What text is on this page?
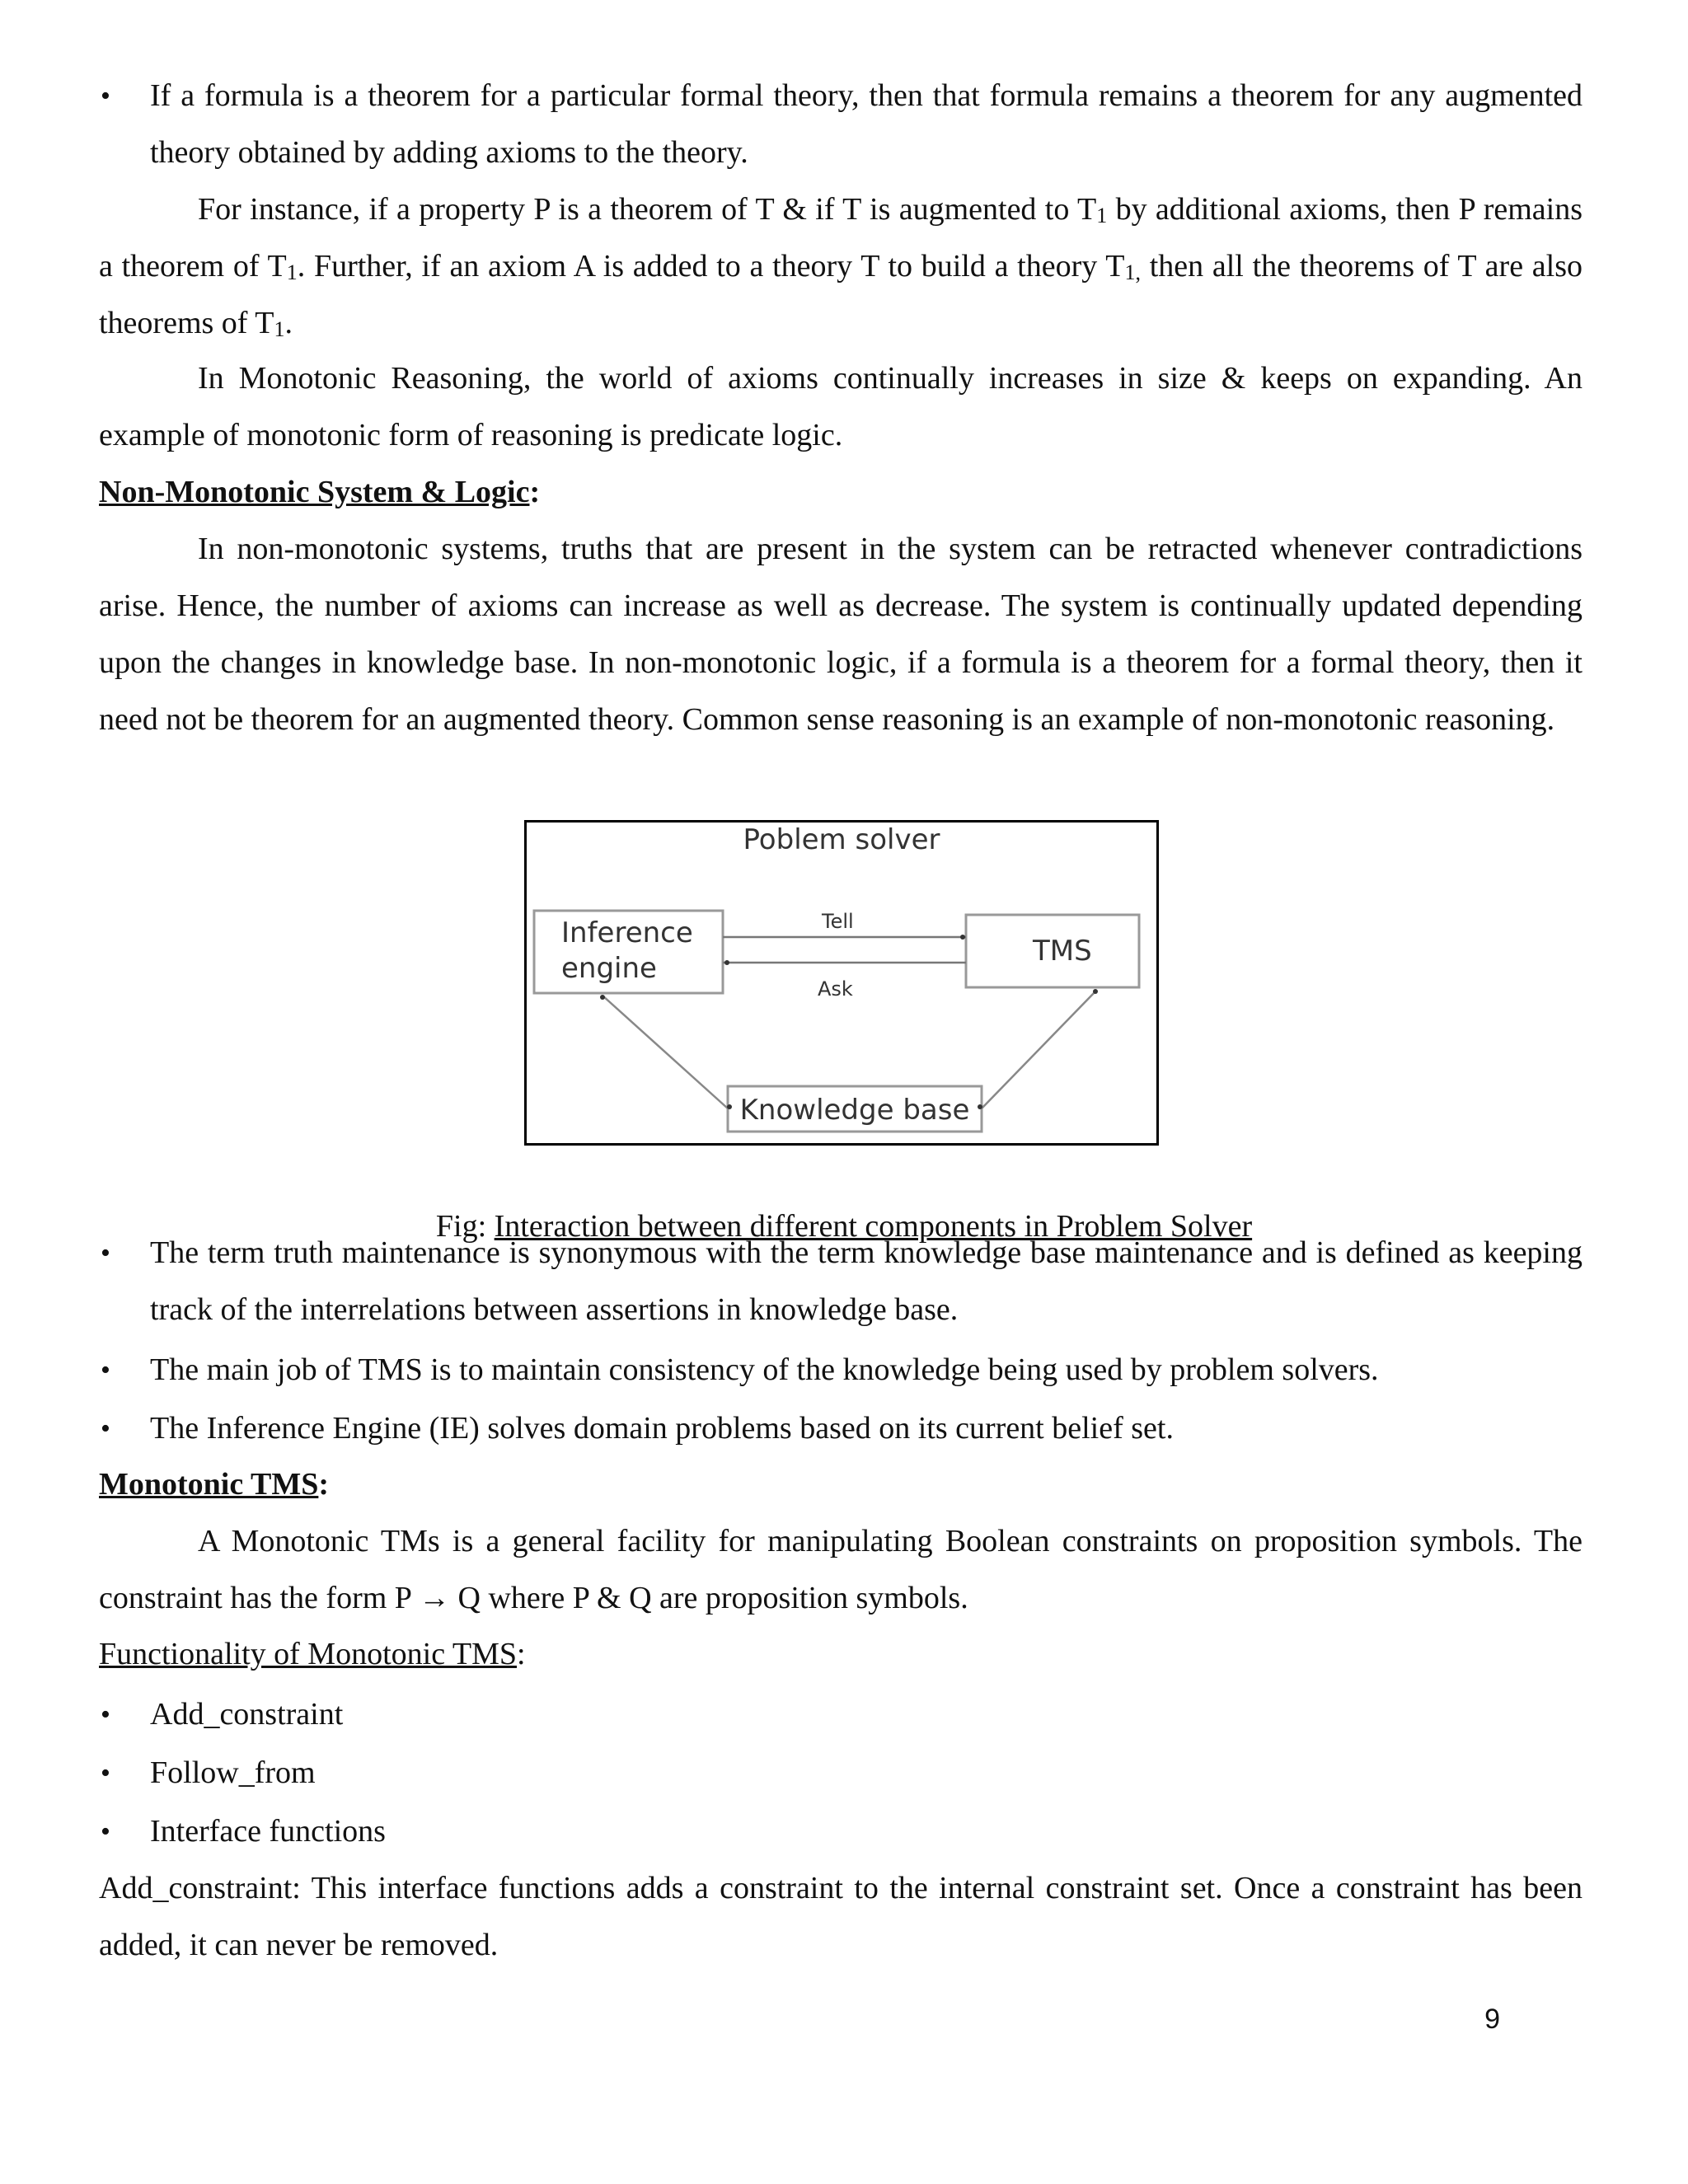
• If a formula is a theorem for a particular formal theory, then that formula remains a theorem for any augmented theory obtained by adding axioms to the theory.

For instance, if a property P is a theorem of T & if T is augmented to $T_1$ by additional axioms, then P remains a theorem of $T_1$. Further, if an axiom A is added to a theory T to build a theory $T_{1,}$ then all the theorems of T are also theorems of $T_1$.

In Monotonic Reasoning, the world of axioms continually increases in size & keeps on expanding. An example of monotonic form of reasoning is predicate logic.

Non-Monotonic System & Logic:

In non-monotonic systems, truths that are present in the system can be retracted whenever contradictions arise. Hence, the number of axioms can increase as well as decrease. The system is continually updated depending upon the changes in knowledge base. In non-monotonic logic, if a formula is a theorem for a formal theory, then it need not be theorem for an augmented theory. Common sense reasoning is an example of non-monotonic reasoning.

Poblem solver
Inference
engine
TMS
Tell
Ask
Knowledge base

Fig: Interaction between different components in Problem Solver

• The term truth maintenance is synonymous with the term knowledge base maintenance and is defined as keeping track of the interrelations between assertions in knowledge base.

• The main job of TMS is to maintain consistency of the knowledge being used by problem solvers.

• The Inference Engine (IE) solves domain problems based on its current belief set.

Monotonic TMS:

A Monotonic TMs is a general facility for manipulating Boolean constraints on proposition symbols. The constraint has the form P → Q where P & Q are proposition symbols.

Functionality of Monotonic TMS:

• Add_constraint

• Follow_from

• Interface functions

Add_constraint: This interface functions adds a constraint to the internal constraint set. Once a constraint has been added, it can never be removed.

9
